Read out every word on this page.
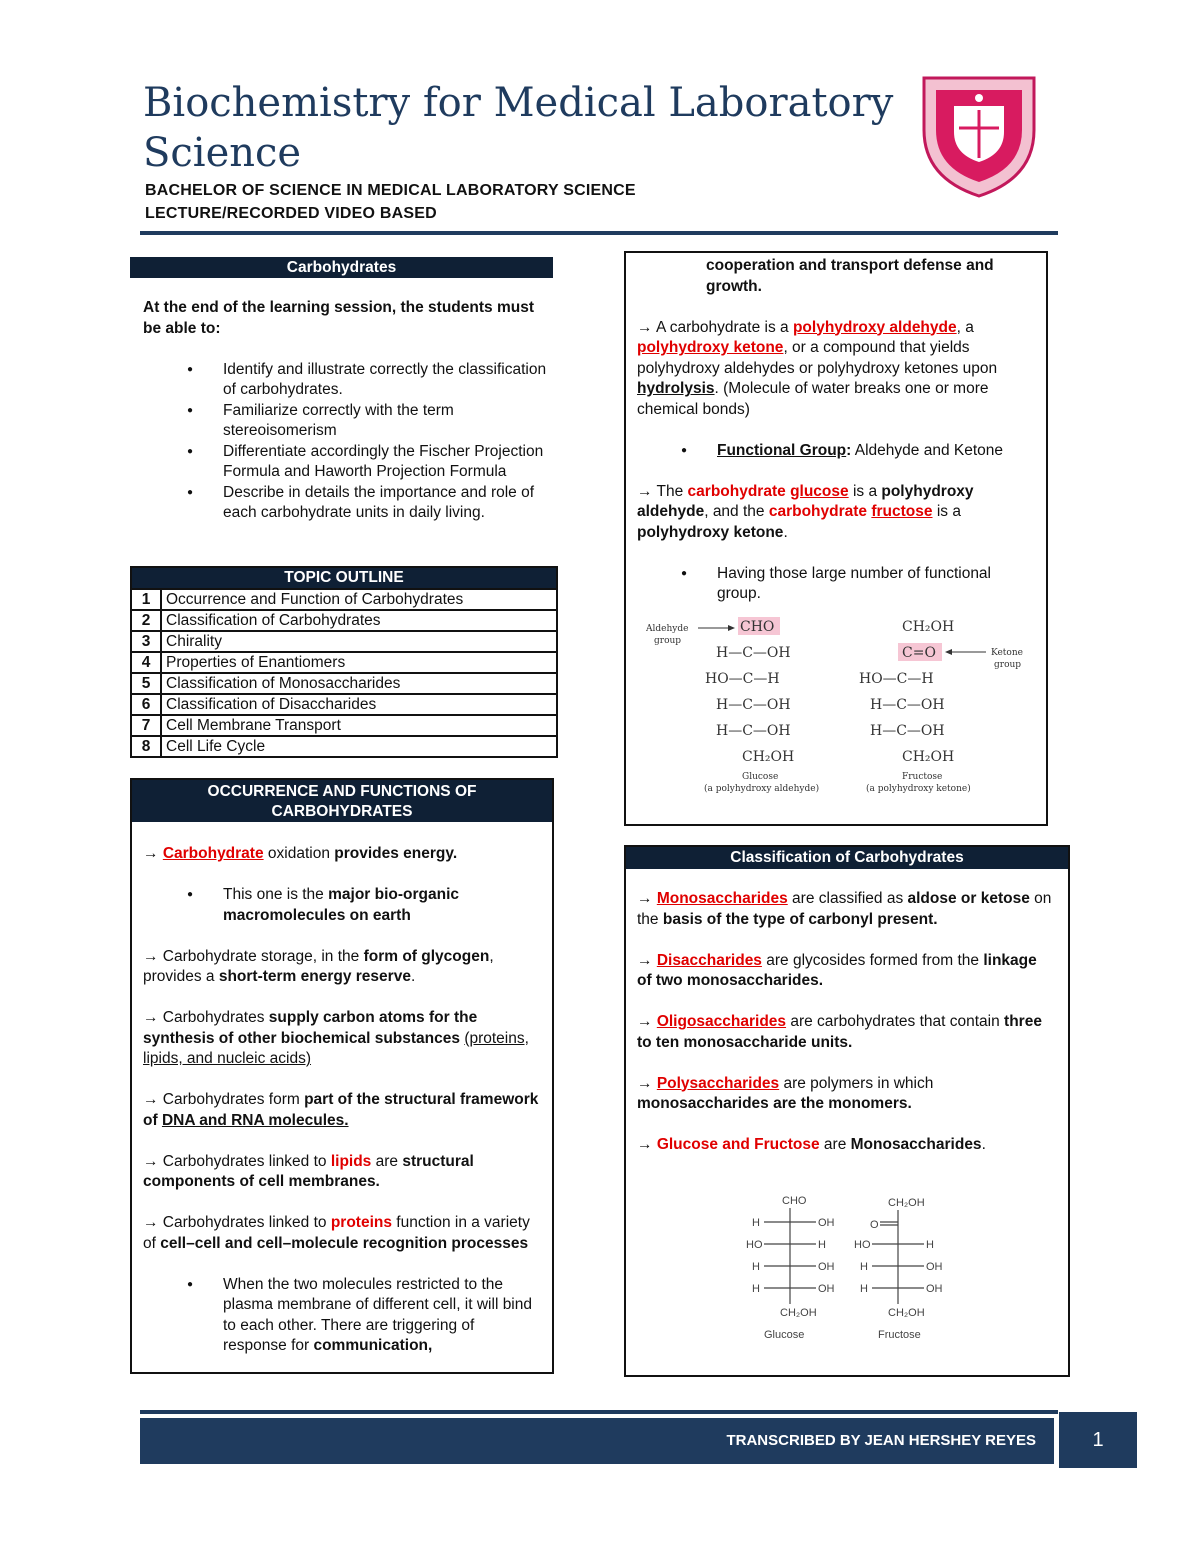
Biochemistry for Medical Laboratory
Science
BACHELOR OF SCIENCE IN MEDICAL LABORATORY SCIENCE
LECTURE/RECORDED VIDEO BASED
Carbohydrates

At the end of the learning session, the students must be able to:

● Identify and illustrate correctly the classification of carbohydrates.
● Familiarize correctly with the term stereoisomerism
● Differentiate accordingly the Fischer Projection Formula and Haworth Projection Formula
● Describe in details the importance and role of each carbohydrate units in daily living.
TOPIC OUTLINE	
1	Occurrence and Function of Carbohydrates
2	Classification of Carbohydrates
3	Chirality
4	Properties of Enantiomers
5	Classification of Monosaccharides
6	Classification of Disaccharides
7	Cell Membrane Transport
8	Cell Life Cycle
OCCURRENCE AND FUNCTIONS OF
CARBOHYDRATES

→ Carbohydrate oxidation provides energy.

● This one is the major bio-organic macromolecules on earth

→ Carbohydrate storage, in the form of glycogen, provides a short-term energy reserve.

→ Carbohydrates supply carbon atoms for the synthesis of other biochemical substances (proteins, lipids, and nucleic acids)

→ Carbohydrates form part of the structural framework of DNA and RNA molecules.

→ Carbohydrates linked to lipids are structural components of cell membranes.

→ Carbohydrates linked to proteins function in a variety of cell–cell and cell–molecule recognition processes

● When the two molecules restricted to the plasma membrane of different cell, it will bind to each other. There are triggering of response for communication,

cooperation and transport defense and growth.

→ A carbohydrate is a polyhydroxy aldehyde, a polyhydroxy ketone, or a compound that yields polyhydroxy aldehydes or polyhydroxy ketones upon hydrolysis. (Molecule of water breaks one or more chemical bonds)

● Functional Group: Aldehyde and Ketone

→ The carbohydrate glucose is a polyhydroxy aldehyde, and the carbohydrate fructose is a polyhydroxy ketone.

● Having those large number of functional group.
Aldehyde
group
CHO
H—C—OH
HO—C—H
H—C—OH
H—C—OH
CH₂OH
Glucose
(a polyhydroxy aldehyde)
CH₂OH
C=O	Ketone
group
HO—C—H
H—C—OH
H—C—OH
CH₂OH
Fructose
(a polyhydroxy ketone)
Classification of Carbohydrates

→ Monosaccharides are classified as aldose or ketose on the basis of the type of carbonyl present.

→ Disaccharides are glycosides formed from the linkage of two monosaccharides.

→ Oligosaccharides are carbohydrates that contain three to ten monosaccharide units.

→ Polysaccharides are polymers in which monosaccharides are the monomers.

→ Glucose and Fructose are Monosaccharides.

CHO
H	OH
HO	H
H	OH
H	OH
CH₂OH
Glucose
CH₂OH
O
HO	H
H	OH
H	OH
CH₂OH
Fructose
TRANSCRIBED BY JEAN HERSHEY REYES	1
